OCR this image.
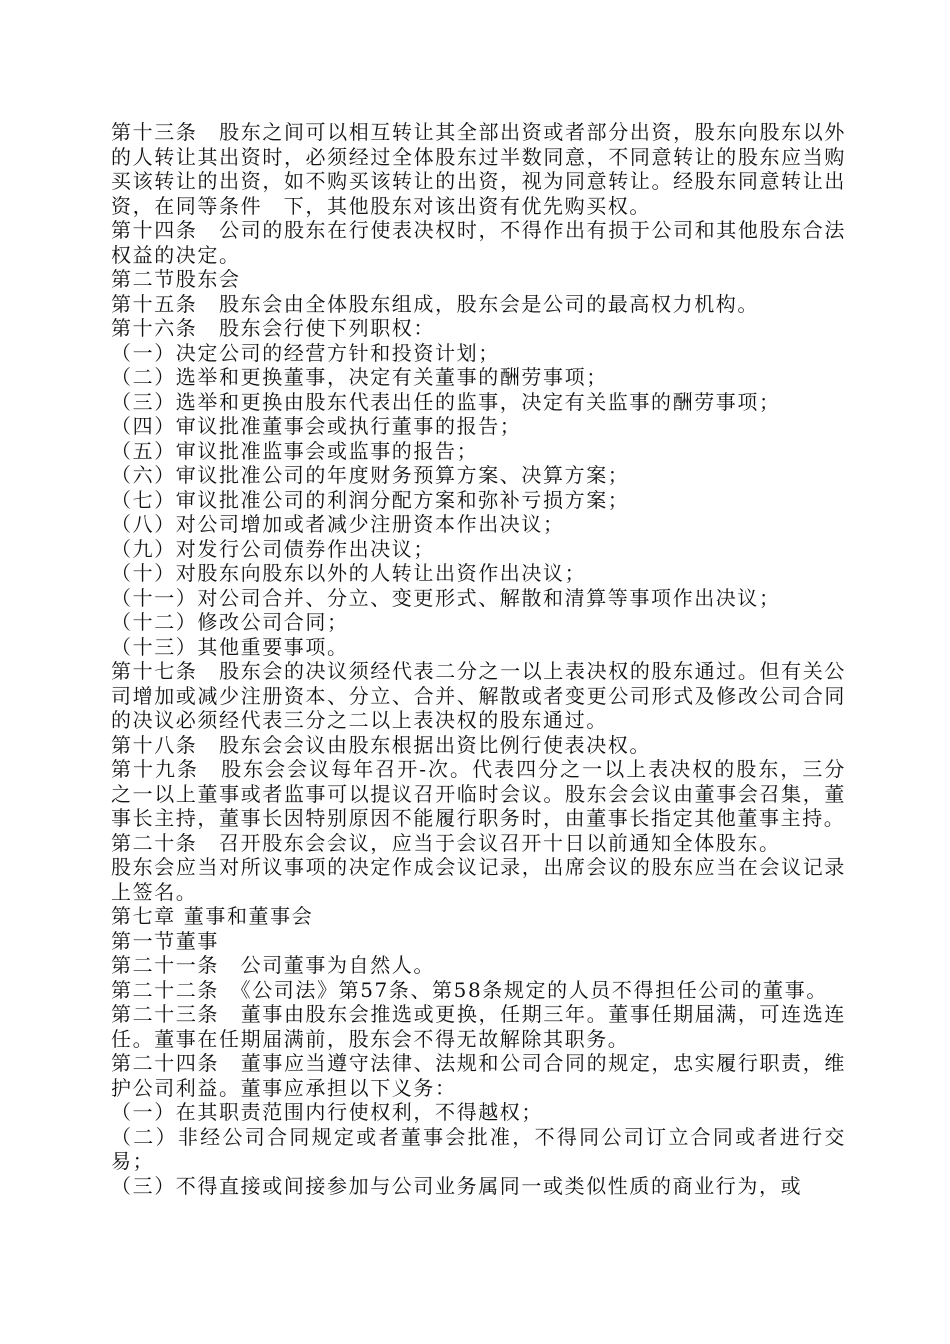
第十三条　股东之间可以相互转让其全部出资或者部分出资，股东向股东以外的人转让其出资时，必须经过全体股东过半数同意，不同意转让的股东应当购买该转让的出资，如不购买该转让的出资，视为同意转让。经股东同意转让出资，在同等条件　下，其他股东对该出资有优先购买权。

第十四条　公司的股东在行使表决权时，不得作出有损于公司和其他股东合法权益的决定。

第二节股东会

第十五条　股东会由全体股东组成，股东会是公司的最高权力机构。

第十六条　股东会行使下列职权：

（一）决定公司的经营方针和投资计划；

（二）选举和更换董事，决定有关董事的酬劳事项；

（三）选举和更换由股东代表出任的监事，决定有关监事的酬劳事项；

（四）审议批准董事会或执行董事的报告；

（五）审议批准监事会或监事的报告；

（六）审议批准公司的年度财务预算方案、决算方案；

（七）审议批准公司的利润分配方案和弥补亏损方案；

（八）对公司增加或者减少注册资本作出决议；

（九）对发行公司债券作出决议；

（十）对股东向股东以外的人转让出资作出决议；

（十一）对公司合并、分立、变更形式、解散和清算等事项作出决议；

（十二）修改公司合同；

（十三）其他重要事项。

第十七条　股东会的决议须经代表二分之一以上表决权的股东通过。但有关公司增加或减少注册资本、分立、合并、解散或者变更公司形式及修改公司合同的决议必须经代表三分之二以上表决权的股东通过。

第十八条　股东会会议由股东根据出资比例行使表决权。

第十九条　股东会会议每年召开-次。代表四分之一以上表决权的股东，三分之一以上董事或者监事可以提议召开临时会议。股东会会议由董事会召集，董事长主持，董事长因特别原因不能履行职务时，由董事长指定其他董事主持。

第二十条　召开股东会会议，应当于会议召开十日以前通知全体股东。

股东会应当对所议事项的决定作成会议记录，出席会议的股东应当在会议记录上签名。

第七章 董事和董事会

第一节董事

第二十一条　公司董事为自然人。

第二十二条　《公司法》第57条、第58条规定的人员不得担任公司的董事。

第二十三条　董事由股东会推选或更换，任期三年。董事任期届满，可连选连任。董事在任期届满前，股东会不得无故解除其职务。

第二十四条　董事应当遵守法律、法规和公司合同的规定，忠实履行职责，维护公司利益。董事应承担以下义务：

（一）在其职责范围内行使权利，不得越权；

（二）非经公司合同规定或者董事会批准，不得同公司订立合同或者进行交易；

（三）不得直接或间接参加与公司业务属同一或类似性质的商业行为，或
